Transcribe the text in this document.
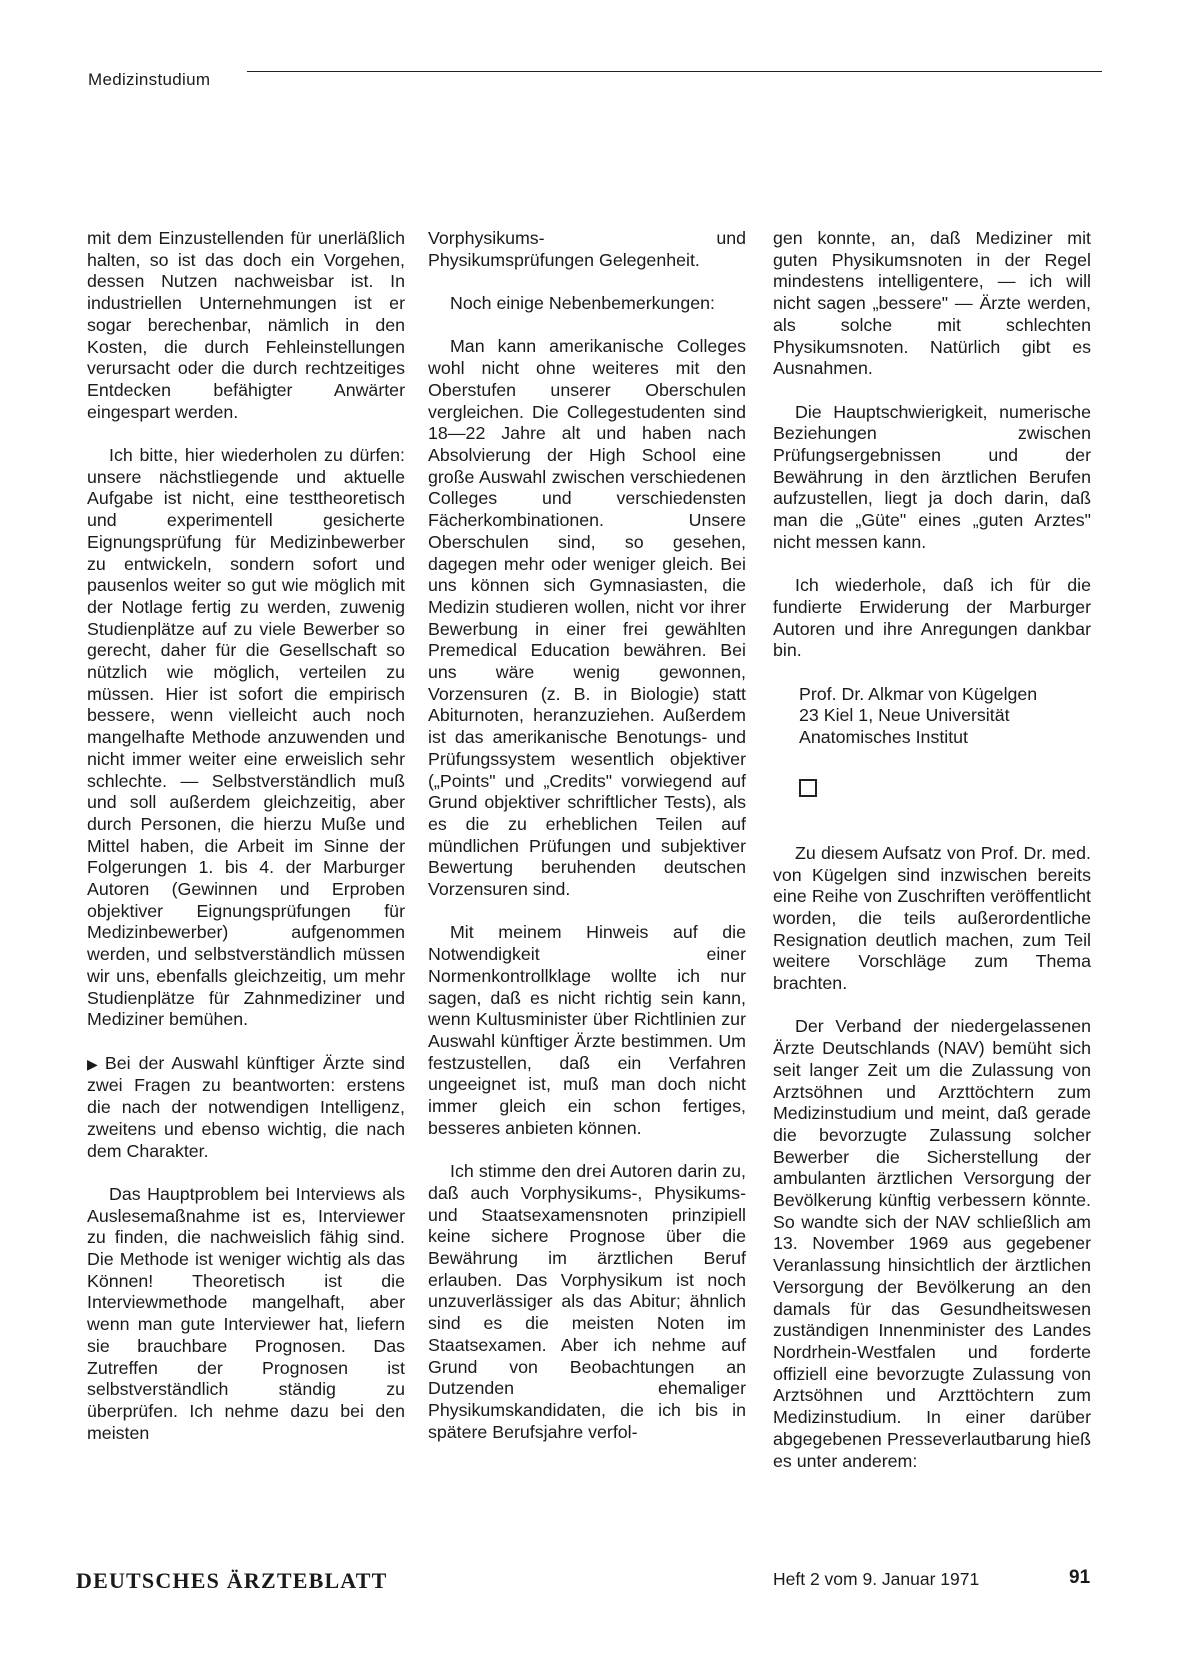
Medizinstudium

mit dem Einzustellenden für unerläßlich halten, so ist das doch ein Vorgehen, dessen Nutzen nachweisbar ist. In industriellen Unternehmungen ist er sogar berechenbar, nämlich in den Kosten, die durch Fehleinstellungen verursacht oder die durch rechtzeitiges Entdecken befähigter Anwärter eingespart werden.

Ich bitte, hier wiederholen zu dürfen: unsere nächstliegende und aktuelle Aufgabe ist nicht, eine testtheoretisch und experimentell gesicherte Eignungsprüfung für Medizinbewerber zu entwickeln, sondern sofort und pausenlos weiter so gut wie möglich mit der Notlage fertig zu werden, zuwenig Studienplätze auf zu viele Bewerber so gerecht, daher für die Gesellschaft so nützlich wie möglich, verteilen zu müssen. Hier ist sofort die empirisch bessere, wenn vielleicht auch noch mangelhafte Methode anzuwenden und nicht immer weiter eine erweislich sehr schlechte. — Selbstverständlich muß und soll außerdem gleichzeitig, aber durch Personen, die hierzu Muße und Mittel haben, die Arbeit im Sinne der Folgerungen 1. bis 4. der Marburger Autoren (Gewinnen und Erproben objektiver Eignungsprüfungen für Medizinbewerber) aufgenommen werden, und selbstverständlich müssen wir uns, ebenfalls gleichzeitig, um mehr Studienplätze für Zahnmediziner und Mediziner bemühen.

▶ Bei der Auswahl künftiger Ärzte sind zwei Fragen zu beantworten: erstens die nach der notwendigen Intelligenz, zweitens und ebenso wichtig, die nach dem Charakter.

Das Hauptproblem bei Interviews als Auslesemaßnahme ist es, Interviewer zu finden, die nachweislich fähig sind. Die Methode ist weniger wichtig als das Können! Theoretisch ist die Interviewmethode mangelhaft, aber wenn man gute Interviewer hat, liefern sie brauchbare Prognosen. Das Zutreffen der Prognosen ist selbstverständlich ständig zu überprüfen. Ich nehme dazu bei den meisten

Vorphysikums- und Physikumsprüfungen Gelegenheit.

Noch einige Nebenbemerkungen:

Man kann amerikanische Colleges wohl nicht ohne weiteres mit den Oberstufen unserer Oberschulen vergleichen. Die Collegestudenten sind 18—22 Jahre alt und haben nach Absolvierung der High School eine große Auswahl zwischen verschiedenen Colleges und verschiedensten Fächerkombinationen. Unsere Oberschulen sind, so gesehen, dagegen mehr oder weniger gleich. Bei uns können sich Gymnasiasten, die Medizin studieren wollen, nicht vor ihrer Bewerbung in einer frei gewählten Premedical Education bewähren. Bei uns wäre wenig gewonnen, Vorzensuren (z. B. in Biologie) statt Abiturnoten, heranzuziehen. Außerdem ist das amerikanische Benotungs- und Prüfungssystem wesentlich objektiver („Points" und „Credits" vorwiegend auf Grund objektiver schriftlicher Tests), als es die zu erheblichen Teilen auf mündlichen Prüfungen und subjektiver Bewertung beruhenden deutschen Vorzensuren sind.

Mit meinem Hinweis auf die Notwendigkeit einer Normenkontrollklage wollte ich nur sagen, daß es nicht richtig sein kann, wenn Kultusminister über Richtlinien zur Auswahl künftiger Ärzte bestimmen. Um festzustellen, daß ein Verfahren ungeeignet ist, muß man doch nicht immer gleich ein schon fertiges, besseres anbieten können.

Ich stimme den drei Autoren darin zu, daß auch Vorphysikums-, Physikums- und Staatsexamensnoten prinzipiell keine sichere Prognose über die Bewährung im ärztlichen Beruf erlauben. Das Vorphysikum ist noch unzuverlässiger als das Abitur; ähnlich sind es die meisten Noten im Staatsexamen. Aber ich nehme auf Grund von Beobachtungen an Dutzenden ehemaliger Physikumskandidaten, die ich bis in spätere Berufsjahre verfol-

gen konnte, an, daß Mediziner mit guten Physikumsnoten in der Regel mindestens intelligentere, — ich will nicht sagen „bessere" — Ärzte werden, als solche mit schlechten Physikumsnoten. Natürlich gibt es Ausnahmen.

Die Hauptschwierigkeit, numerische Beziehungen zwischen Prüfungsergebnissen und der Bewährung in den ärztlichen Berufen aufzustellen, liegt ja doch darin, daß man die „Güte" eines „guten Arztes" nicht messen kann.

Ich wiederhole, daß ich für die fundierte Erwiderung der Marburger Autoren und ihre Anregungen dankbar bin.

Prof. Dr. Alkmar von Kügelgen
23 Kiel 1, Neue Universität
Anatomisches Institut

Zu diesem Aufsatz von Prof. Dr. med. von Kügelgen sind inzwischen bereits eine Reihe von Zuschriften veröffentlicht worden, die teils außerordentliche Resignation deutlich machen, zum Teil weitere Vorschläge zum Thema brachten.

Der Verband der niedergelassenen Ärzte Deutschlands (NAV) bemüht sich seit langer Zeit um die Zulassung von Arztsöhnen und Arzttöchtern zum Medizinstudium und meint, daß gerade die bevorzugte Zulassung solcher Bewerber die Sicherstellung der ambulanten ärztlichen Versorgung der Bevölkerung künftig verbessern könnte. So wandte sich der NAV schließlich am 13. November 1969 aus gegebener Veranlassung hinsichtlich der ärztlichen Versorgung der Bevölkerung an den damals für das Gesundheitswesen zuständigen Innenminister des Landes Nordrhein-Westfalen und forderte offiziell eine bevorzugte Zulassung von Arztsöhnen und Arzttöchtern zum Medizinstudium. In einer darüber abgegebenen Presseverlautbarung hieß es unter anderem:

DEUTSCHES ÄRZTEBLATT	Heft 2 vom 9. Januar 1971	91
